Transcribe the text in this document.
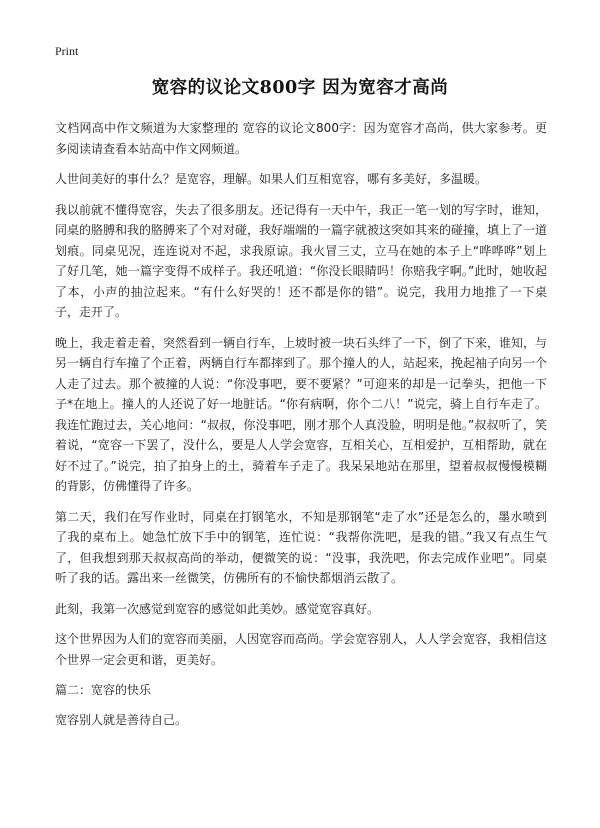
Print
宽容的议论文800字 因为宽容才高尚

文档网高中作文频道为大家整理的 宽容的议论文800字：因为宽容才高尚，供大家参考。更多阅读请查看本站高中作文网频道。

人世间美好的事什么？是宽容，理解。如果人们互相宽容，哪有多美好，多温暖。

我以前就不懂得宽容，失去了很多朋友。还记得有一天中午，我正一笔一划的写字时，谁知，同桌的胳膊和我的胳膊来了个对对碰，我好端端的一篇字就被这突如其来的碰撞，填上了一道划痕。同桌见况，连连说对不起，求我原谅。我火冒三丈，立马在她的本子上“哗哗哗”划上了好几笔，她一篇字变得不成样子。我还吼道：“你没长眼睛吗！你赔我字啊。”此时，她收起了本，小声的抽泣起来。“有什么好哭的！还不都是你的错”。说完，我用力地推了一下桌子，走开了。

晚上，我走着走着，突然看到一辆自行车，上坡时被一块石头绊了一下，倒了下来，谁知，与另一辆自行车撞了个正着，两辆自行车都摔到了。那个撞人的人，站起来，挽起袖子向另一个人走了过去。那个被撞的人说：“你没事吧，要不要紧？”可迎来的却是一记拳头，把他一下子*在地上。撞人的人还说了好一地脏话。“你有病啊，你个二八！”说完，骑上自行车走了。我连忙跑过去，关心地问：“叔叔，你没事吧，刚才那个人真没脸，明明是他。”叔叔听了，笑着说，“宽容一下罢了，没什么，要是人人学会宽容，互相关心，互相爱护，互相帮助，就在好不过了。”说完，拍了拍身上的土，骑着车子走了。我呆呆地站在那里，望着叔叔慢慢模糊的背影，仿佛懂得了许多。

第二天，我们在写作业时，同桌在打钢笔水，不知是那钢笔“走了水”还是怎么的，墨水喷到了我的桌布上。她急忙放下手中的钢笔，连忙说：“我帮你洗吧，是我的错。”我又有点生气了，但我想到那天叔叔高尚的举动，便微笑的说：“没事，我洗吧，你去完成作业吧”。同桌听了我的话。露出来一丝微笑，仿佛所有的不愉快都烟消云散了。

此刻，我第一次感觉到宽容的感觉如此美妙。感觉宽容真好。

这个世界因为人们的宽容而美丽，人因宽容而高尚。学会宽容别人，人人学会宽容，我相信这个世界一定会更和谐，更美好。

篇二：宽容的快乐

宽容别人就是善待自己。
